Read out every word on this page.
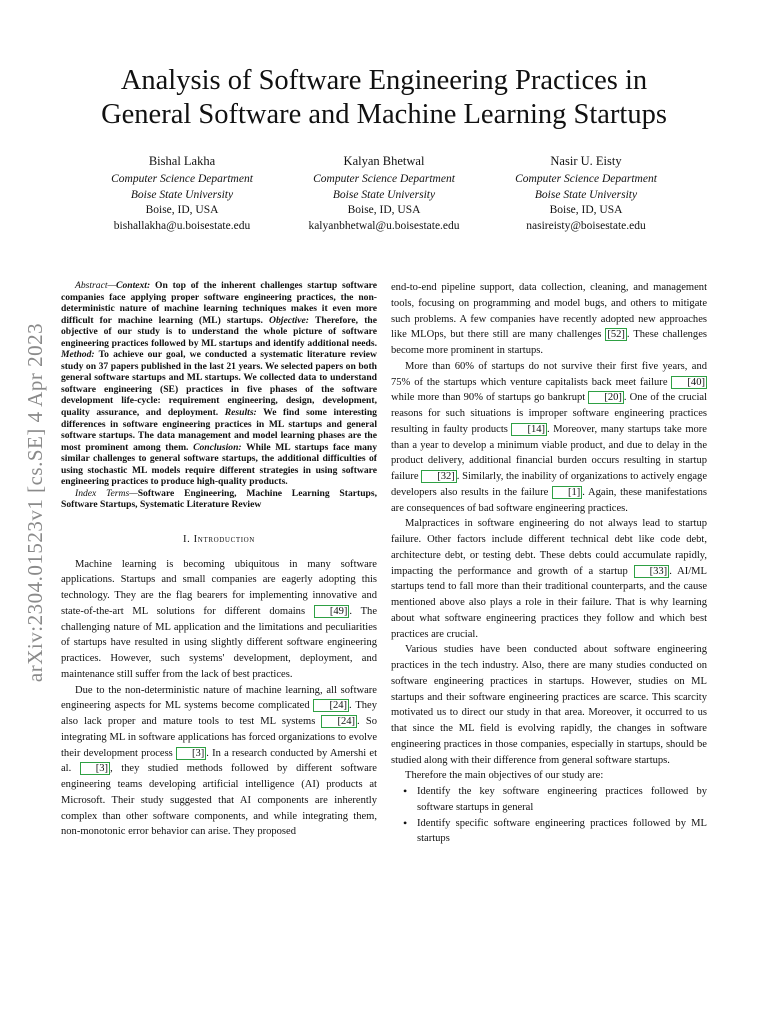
arXiv:2304.01523v1 [cs.SE] 4 Apr 2023
Analysis of Software Engineering Practices in
General Software and Machine Learning Startups
Bishal Lakha
Computer Science Department
Boise State University
Boise, ID, USA
bishallakha@u.boisestate.edu
Kalyan Bhetwal
Computer Science Department
Boise State University
Boise, ID, USA
kalyanbhetwal@u.boisestate.edu
Nasir U. Eisty
Computer Science Department
Boise State University
Boise, ID, USA
nasireisty@boisestate.edu

Abstract—Context: On top of the inherent challenges startup software companies face applying proper software engineering practices, the non-deterministic nature of machine learning techniques makes it even more difficult for machine learning (ML) startups. Objective: Therefore, the objective of our study is to understand the whole picture of software engineering practices followed by ML startups and identify additional needs. Method: To achieve our goal, we conducted a systematic literature review study on 37 papers published in the last 21 years. We selected papers on both general software startups and ML startups. We collected data to understand software engineering (SE) practices in five phases of the software development life-cycle: requirement engineering, design, development, quality assurance, and deployment. Results: We find some interesting differences in software engineering practices in ML startups and general software startups. The data management and model learning phases are the most prominent among them. Conclusion: While ML startups face many similar challenges to general software startups, the additional difficulties of using stochastic ML models require different strategies in using software engineering practices to produce high-quality products.

Index Terms—Software Engineering, Machine Learning Startups, Software Startups, Systematic Literature Review

I. Introduction

Machine learning is becoming ubiquitous in many software applications. Startups and small companies are eagerly adopting this technology. They are the flag bearers for implementing innovative and state-of-the-art ML solutions for different domains [49] . The challenging nature of ML application and the limitations and peculiarities of startups have resulted in using slightly different software engineering practices. However, such systems' development, deployment, and maintenance still suffer from the lack of best practices.

Due to the non-deterministic nature of machine learning, all software engineering aspects for ML systems become complicated [24] . They also lack proper and mature tools to test ML systems [24] . So integrating ML in software applications has forced organizations to evolve their development process [3] . In a research conducted by Amershi et al. [3] , they studied methods followed by different software engineering teams developing artificial intelligence (AI) products at Microsoft. Their study suggested that AI components are inherently complex than other software components, and while integrating them, non-monotonic error behavior can arise. They proposed

end-to-end pipeline support, data collection, cleaning, and management tools, focusing on programming and model bugs, and others to mitigate such problems. A few companies have recently adopted new approaches like MLOps, but there still are many challenges [52] . These challenges become more prominent in startups.

More than 60% of startups do not survive their first five years, and 75% of the startups which venture capitalists back meet failure [40] while more than 90% of startups go bankrupt [20] . One of the crucial reasons for such situations is improper software engineering practices resulting in faulty products [14] . Moreover, many startups take more than a year to develop a minimum viable product, and due to delay in the product delivery, additional financial burden occurs resulting in startup failure [32] . Similarly, the inability of organizations to actively engage developers also results in the failure [1] . Again, these manifestations are consequences of bad software engineering practices.

Malpractices in software engineering do not always lead to startup failure. Other factors include different technical debt like code debt, architecture debt, or testing debt. These debts could accumulate rapidly, impacting the performance and growth of a startup [33] . AI/ML startups tend to fall more than their traditional counterparts, and the cause mentioned above also plays a role in their failure. That is why learning about what software engineering practices they follow and which best practices are crucial.

Various studies have been conducted about software engineering practices in the tech industry. Also, there are many studies conducted on software engineering practices in startups. However, studies on ML startups and their software engineering practices are scarce. This scarcity motivated us to direct our study in that area. Moreover, it occurred to us that since the ML field is evolving rapidly, the changes in software engineering practices in those companies, especially in startups, should be studied along with their difference from general software startups.

Therefore the main objectives of our study are:

• Identify the key software engineering practices followed by software startups in general
• Identify specific software engineering practices followed by ML startups
